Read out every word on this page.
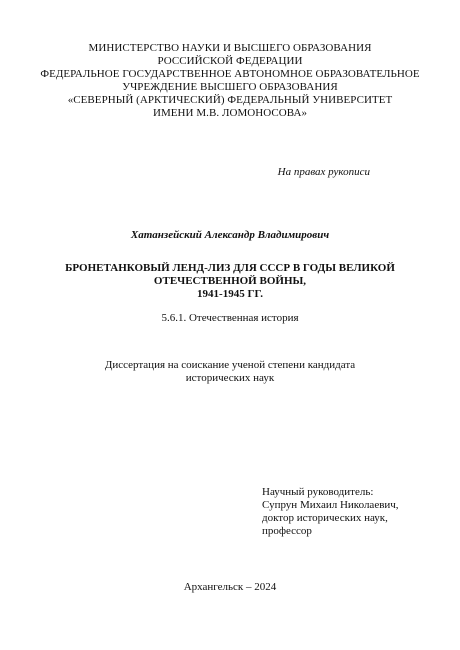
МИНИСТЕРСТВО НАУКИ И ВЫСШЕГО ОБРАЗОВАНИЯ
РОССИЙСКОЙ ФЕДЕРАЦИИ
ФЕДЕРАЛЬНОЕ ГОСУДАРСТВЕННОЕ АВТОНОМНОЕ ОБРАЗОВАТЕЛЬНОЕ
УЧРЕЖДЕНИЕ ВЫСШЕГО ОБРАЗОВАНИЯ
«СЕВЕРНЫЙ (АРКТИЧЕСКИЙ) ФЕДЕРАЛЬНЫЙ УНИВЕРСИТЕТ
ИМЕНИ М.В. ЛОМОНОСОВА»
На правах рукописи
Хатанзейский Александр Владимирович
БРОНЕТАНКОВЫЙ ЛЕНД-ЛИЗ ДЛЯ СССР В ГОДЫ ВЕЛИКОЙ
ОТЕЧЕСТВЕННОЙ ВОЙНЫ,
1941-1945 ГГ.
5.6.1. Отечественная история
Диссертация на соискание ученой степени кандидата
исторических наук
Научный руководитель:
Супрун Михаил Николаевич,
доктор исторических наук,
профессор
Архангельск – 2024
